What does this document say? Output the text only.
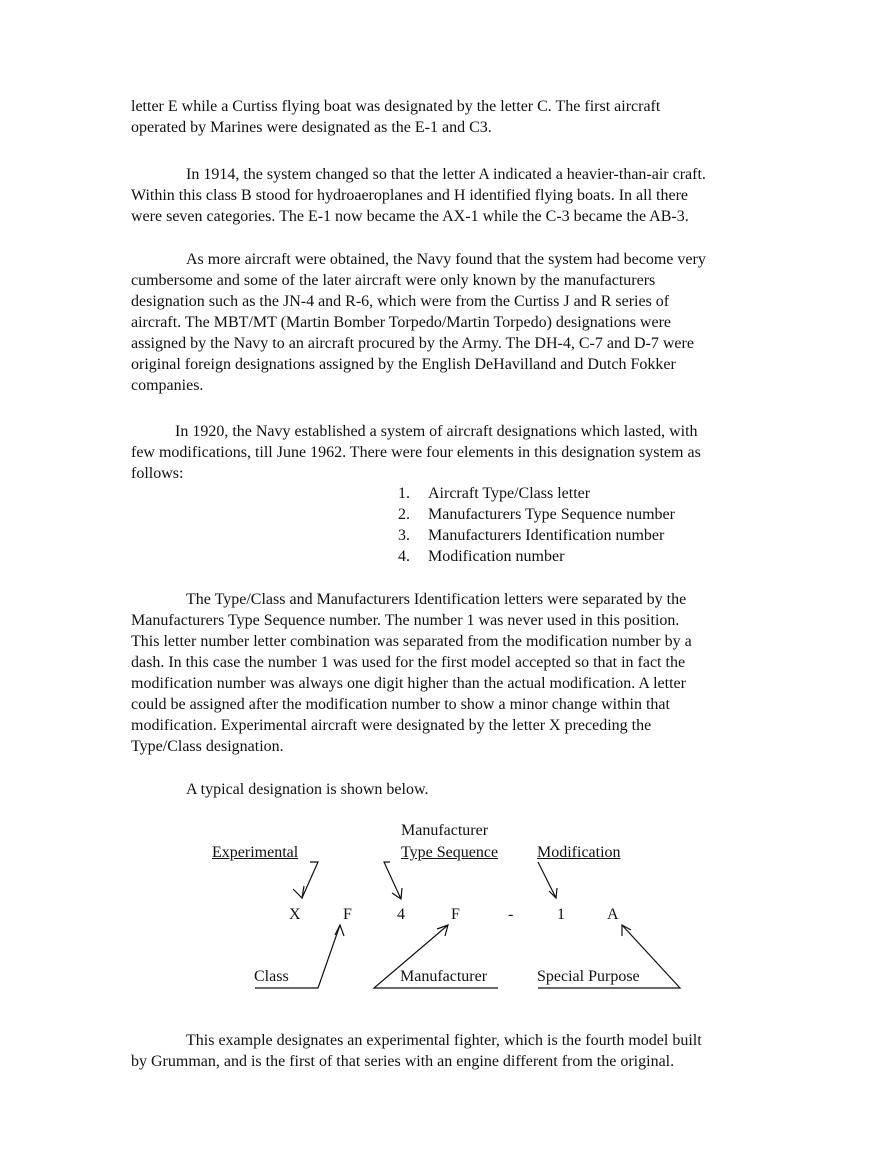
letter E while a Curtiss flying boat was designated by the letter C. The first aircraft
operated by Marines were designated as the E-1 and C3.

In 1914, the system changed so that the letter A indicated a heavier-than-air craft.
Within this class B stood for hydroaeroplanes and H identified flying boats. In all there
were seven categories. The E-1 now became the AX-1 while the C-3 became the AB-3.

As more aircraft were obtained, the Navy found that the system had become very
cumbersome and some of the later aircraft were only known by the manufacturers
designation such as the JN-4 and R-6, which were from the Curtiss J and R series of
aircraft. The MBT/MT (Martin Bomber Torpedo/Martin Torpedo) designations were
assigned by the Navy to an aircraft procured by the Army. The DH-4, C-7 and D-7 were
original foreign designations assigned by the English DeHavilland and Dutch Fokker
companies.

In 1920, the Navy established a system of aircraft designations which lasted, with
few modifications, till June 1962. There were four elements in this designation system as
follows:

1. Aircraft Type/Class letter
2. Manufacturers Type Sequence number
3. Manufacturers Identification number
4. Modification number

The Type/Class and Manufacturers Identification letters were separated by the
Manufacturers Type Sequence number. The number 1 was never used in this position.
This letter number letter combination was separated from the modification number by a
dash. In this case the number 1 was used for the first model accepted so that in fact the
modification number was always one digit higher than the actual modification. A letter
could be assigned after the modification number to show a minor change within that
modification. Experimental aircraft were designated by the letter X preceding the
Type/Class designation.

A typical designation is shown below.

Manufacturer
Experimental	Type Sequence Modification
X	F	4	F	-	1	A
Class	Manufacturer	Special Purpose

This example designates an experimental fighter, which is the fourth model built
by Grumman, and is the first of that series with an engine different from the original.
